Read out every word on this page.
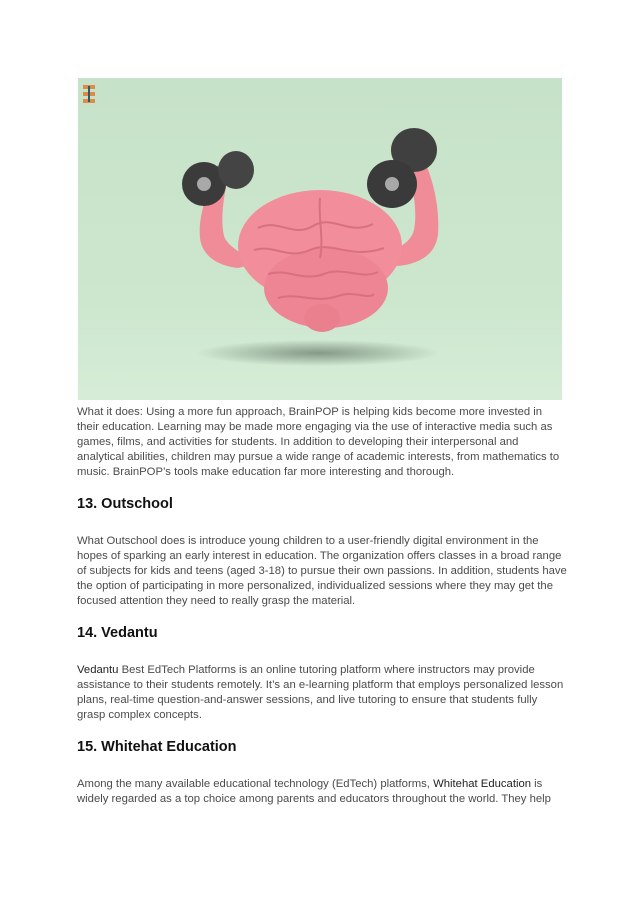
What it does: Using a more fun approach, BrainPOP is helping kids become more invested in their education. Learning may be made more engaging via the use of interactive media such as games, films, and activities for students. In addition to developing their interpersonal and analytical abilities, children may pursue a wide range of academic interests, from mathematics to music. BrainPOP’s tools make education far more interesting and thorough.

13. Outschool

What Outschool does is introduce young children to a user-friendly digital environment in the hopes of sparking an early interest in education. The organization offers classes in a broad range of subjects for kids and teens (aged 3-18) to pursue their own passions. In addition, students have the option of participating in more personalized, individualized sessions where they may get the focused attention they need to really grasp the material.

14. Vedantu

Vedantu Best EdTech Platforms is an online tutoring platform where instructors may provide assistance to their students remotely. It’s an e-learning platform that employs personalized lesson plans, real-time question-and-answer sessions, and live tutoring to ensure that students fully grasp complex concepts.

15. Whitehat Education

Among the many available educational technology (EdTech) platforms, Whitehat Education is widely regarded as a top choice among parents and educators throughout the world. They help
